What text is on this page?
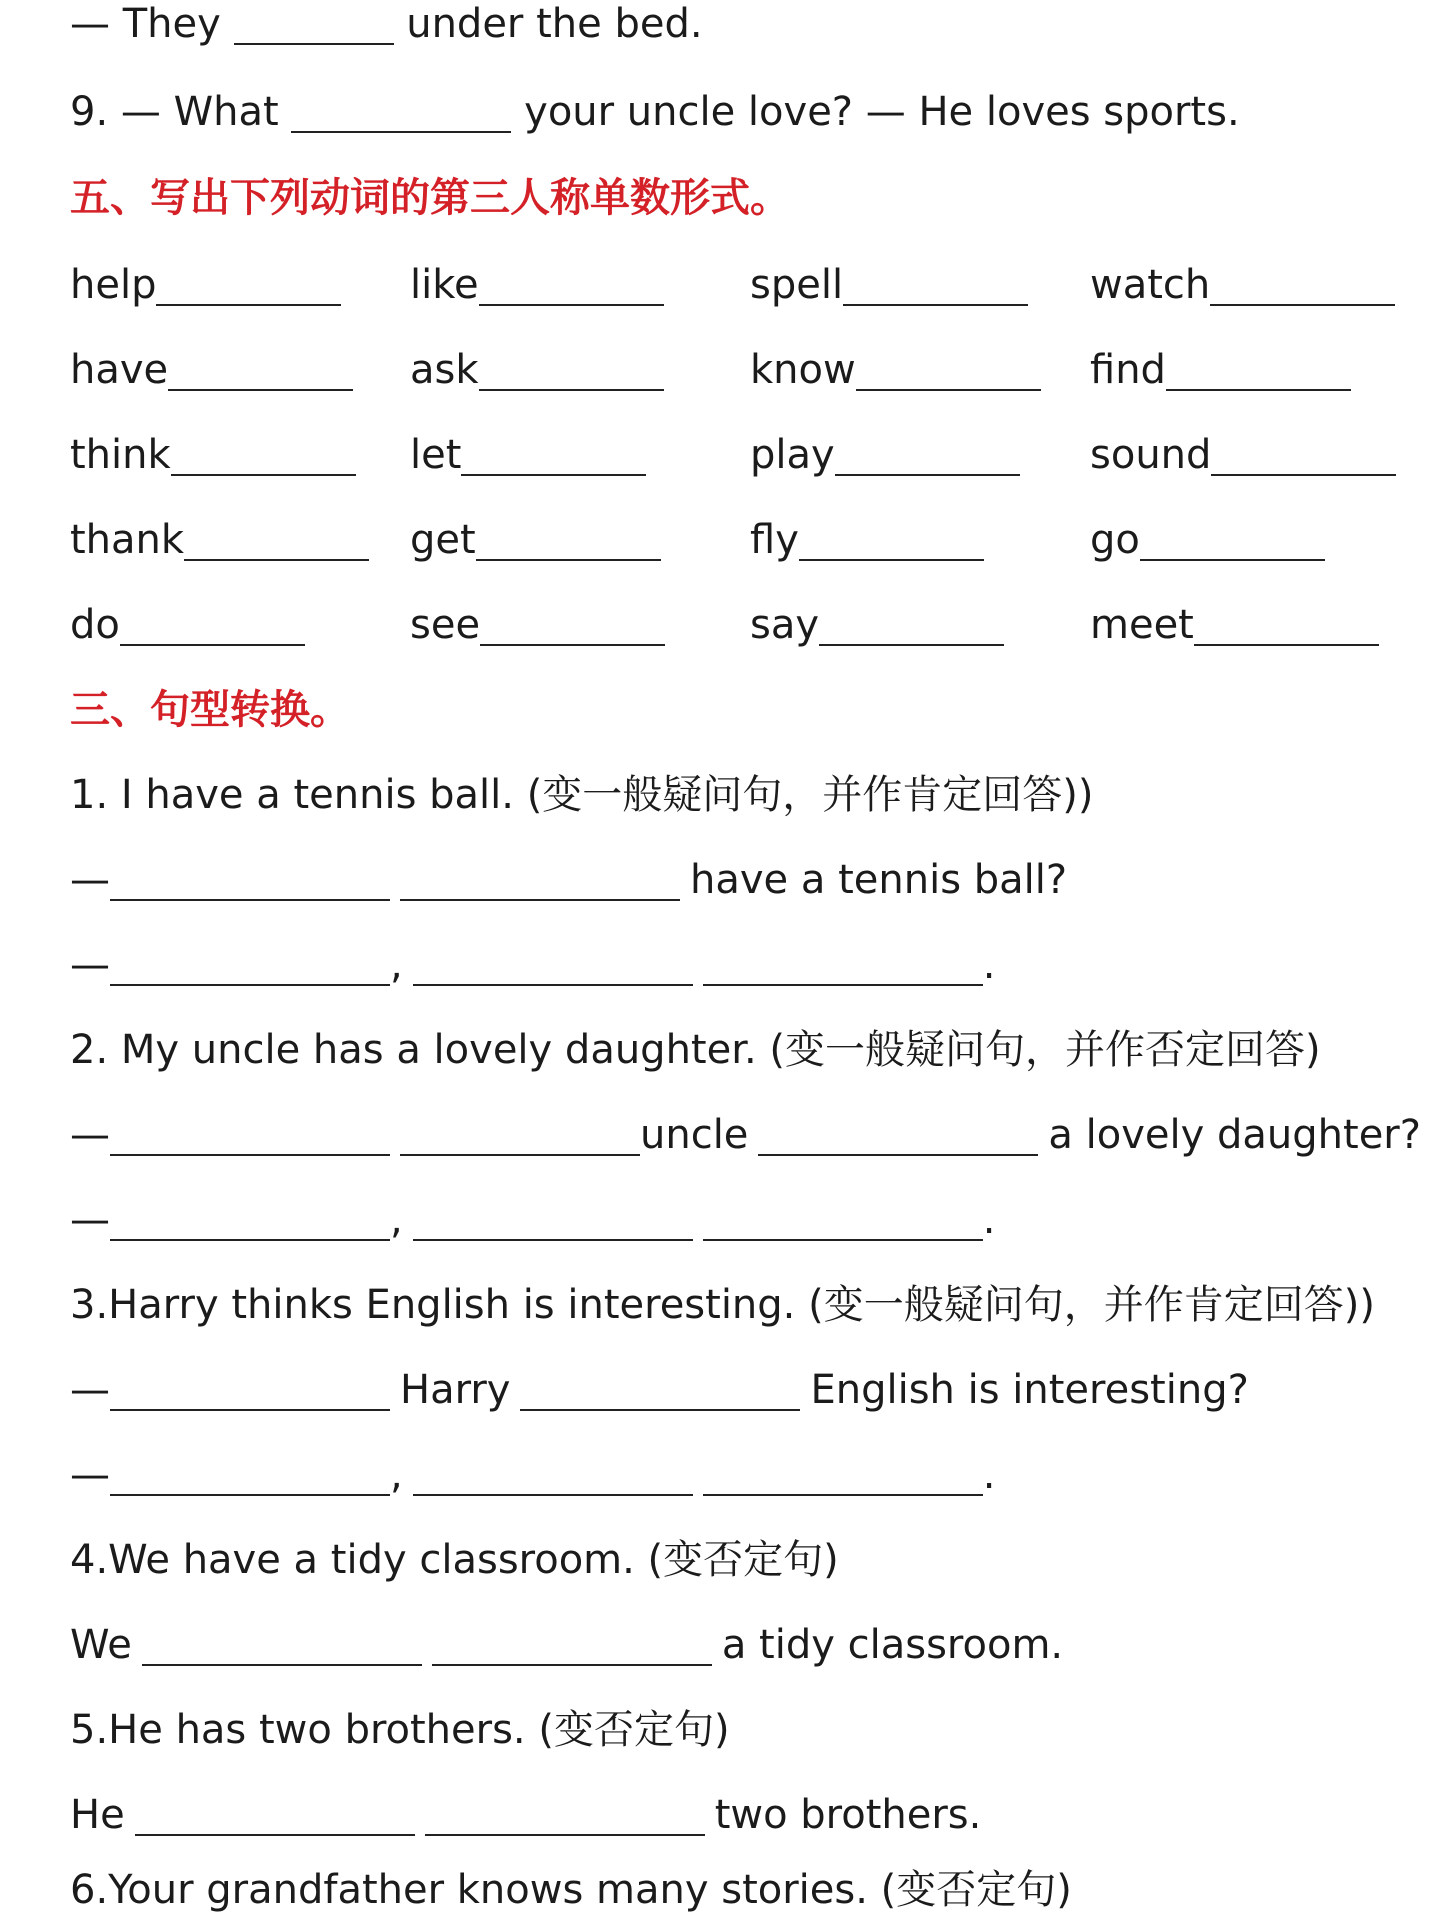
— They	under the bed.
9. — What	your uncle love? — He loves sports.
五、写出下列动词的第三人称单数形式。
help	like	spell	watch
have	ask	know	find
think	let	play	sound
thank	get	fly	go
do	see	say	meet
三、句型转换。
1. I have a tennis ball. (变一般疑问句，并作肯定回答))
—	have a tennis ball?
—	,	.
2. My uncle has a lovely daughter. (变一般疑问句，并作否定回答)
—	uncle	a lovely daughter?
—	,	.
3.Harry thinks English is interesting. (变一般疑问句，并作肯定回答))
—	Harry	English is interesting?
—	,	.
4.We have a tidy classroom. (变否定句)
We	a tidy classroom.
5.He has two brothers. (变否定句)
He	two brothers.
6.Your grandfather knows many stories. (变否定句)
